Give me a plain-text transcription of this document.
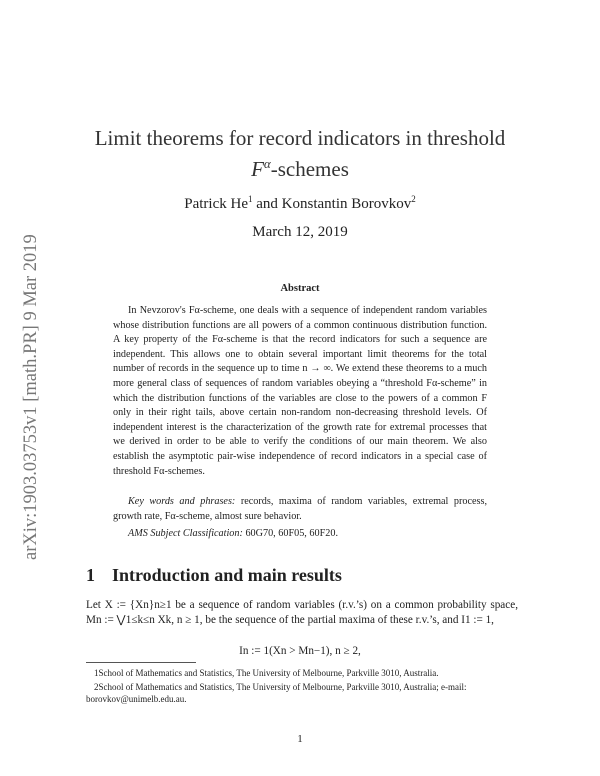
arXiv:1903.03753v1 [math.PR] 9 Mar 2019
Limit theorems for record indicators in threshold
$F^\alpha$-schemes
Patrick He$^1$ and Konstantin Borovkov$^2$
March 12, 2019
Abstract

In Nevzorov's Fα-scheme, one deals with a sequence of independent random variables whose distribution functions are all powers of a common continuous distribution function. A key property of the Fα-scheme is that the record indicators for such a sequence are independent. This allows one to obtain several important limit theorems for the total number of records in the sequence up to time n → ∞. We extend these theorems to a much more general class of sequences of random variables obeying a “threshold Fα-scheme” in which the distribution functions of the variables are close to the powers of a common F only in their right tails, above certain non-random non-decreasing threshold levels. Of independent interest is the characterization of the growth rate for extremal processes that we derived in order to be able to verify the conditions of our main theorem. We also establish the asymptotic pair-wise independence of record indicators in a special case of threshold Fα-schemes.

Key words and phrases: records, maxima of random variables, extremal process, growth rate, Fα-scheme, almost sure behavior.

AMS Subject Classification: 60G70, 60F05, 60F20.
1 Introduction and main results

Let X := {Xn}n≥1 be a sequence of random variables (r.v.’s) on a common probability space, Mn := ⋁1≤k≤n Xk, n ≥ 1, be the sequence of the partial maxima of these r.v.’s, and I1 := 1,

In := 1(Xn > Mn−1), n ≥ 2,

1School of Mathematics and Statistics, The University of Melbourne, Parkville 3010, Australia.

2School of Mathematics and Statistics, The University of Melbourne, Parkville 3010, Australia; e-mail: borovkov@unimelb.edu.au.

1
